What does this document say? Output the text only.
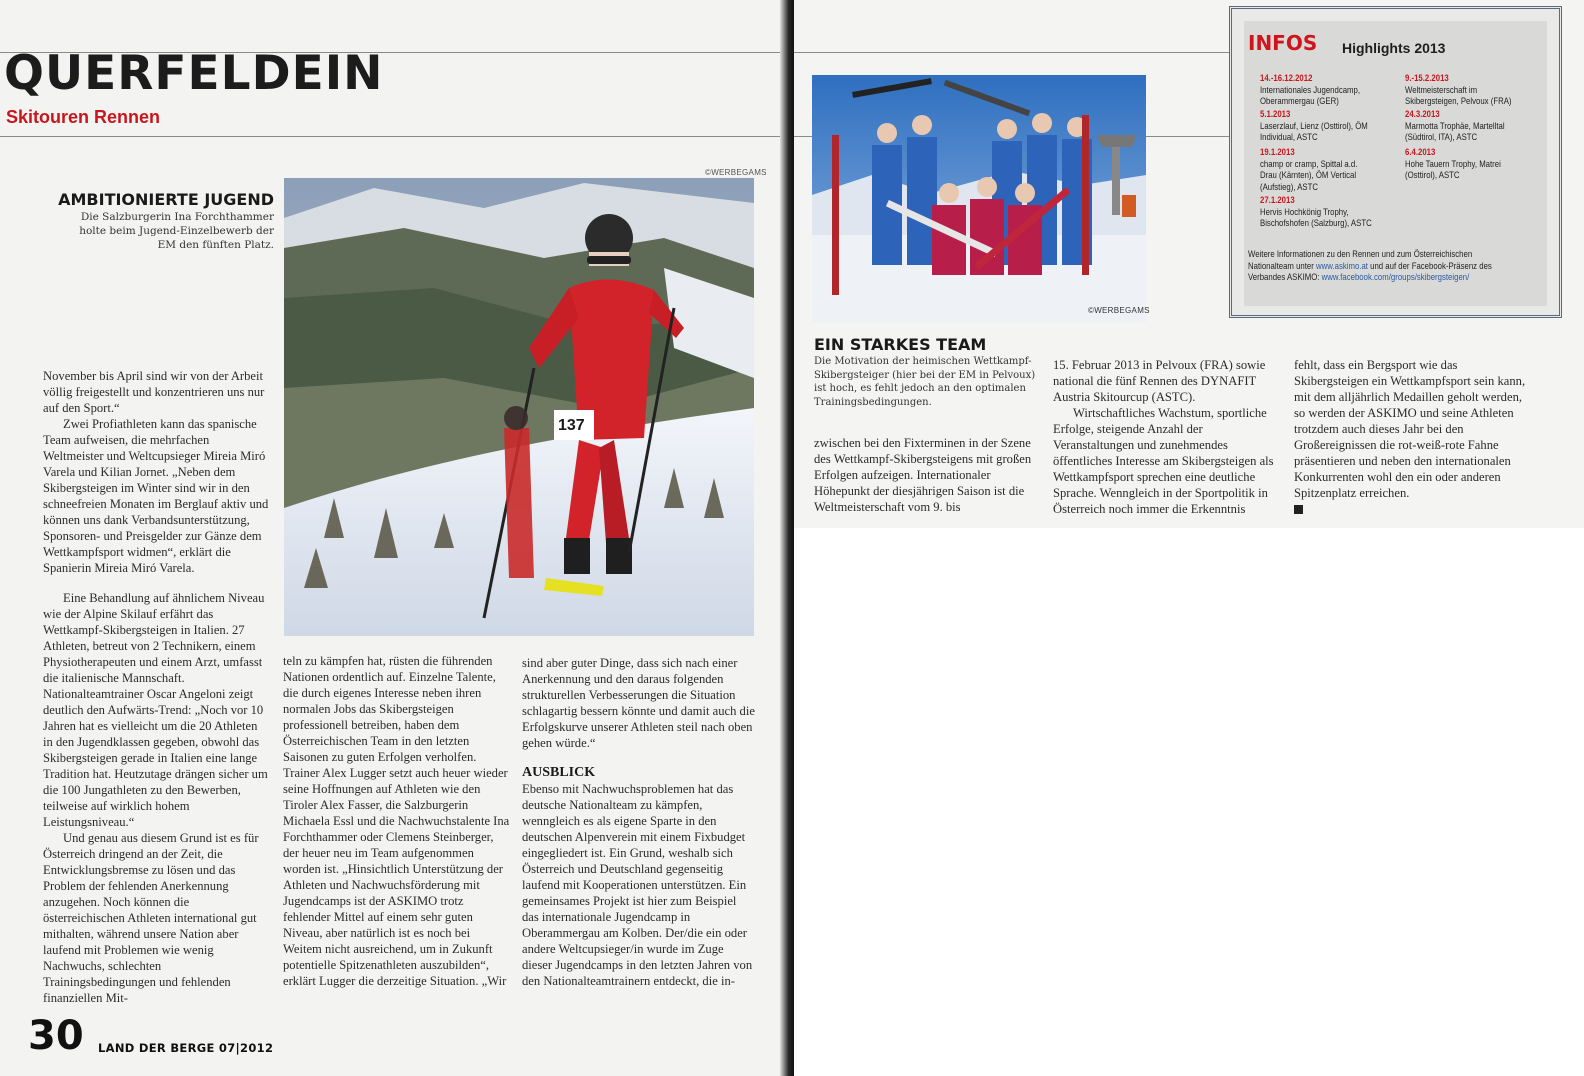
QUERFELDEIN
Skitouren Rennen
©WERBEGAMS
AMBITIONIERTE JUGEND
Die Salzburgerin Ina Forchthammer holte beim Jugend-Einzelbewerb der EM den fünften Platz.
137

November bis April sind wir von der Arbeit völlig freigestellt und konzentrieren uns nur auf den Sport.“

Zwei Profiathleten kann das spanische Team aufweisen, die mehrfachen Weltmeister und Weltcupsieger Mireia Miró Varela und Kilian Jornet. „Neben dem Skibergsteigen im Winter sind wir in den schneefreien Monaten im Berglauf aktiv und können uns dank Verbandsunterstützung, Sponsoren- und Preisgelder zur Gänze dem Wettkampfsport widmen“, erklärt die Spanierin Mireia Miró Varela.

Eine Behandlung auf ähnlichem Niveau wie der Alpine Skilauf erfährt das Wettkampf-Skibergsteigen in Italien. 27 Athleten, betreut von 2 Technikern, einem Physiotherapeuten und einem Arzt, umfasst die italienische Mannschaft. Nationalteamtrainer Oscar Angeloni zeigt deutlich den Aufwärts-Trend: „Noch vor 10 Jahren hat es vielleicht um die 20 Athleten in den Jugendklassen gegeben, obwohl das Skibergsteigen gerade in Italien eine lange Tradition hat. Heutzutage drängen sicher um die 100 Jungathleten zu den Bewerben, teilweise auf wirklich hohem Leistungsniveau.“

Und genau aus diesem Grund ist es für Österreich dringend an der Zeit, die Entwicklungsbremse zu lösen und das Problem der fehlenden Anerkennung anzugehen. Noch können die österreichischen Athleten international gut mithalten, während unsere Nation aber laufend mit Problemen wie wenig Nachwuchs, schlechten Trainingsbedingungen und fehlenden finanziellen Mit-

teln zu kämpfen hat, rüsten die führenden Nationen ordentlich auf. Einzelne Talente, die durch eigenes Interesse neben ihren normalen Jobs das Skibergsteigen professionell betreiben, haben dem Österreichischen Team in den letzten Saisonen zu guten Erfolgen verholfen. Trainer Alex Lugger setzt auch heuer wieder seine Hoffnungen auf Athleten wie den Tiroler Alex Fasser, die Salzburgerin Michaela Essl und die Nachwuchstalente Ina Forchthammer oder Clemens Steinberger, der heuer neu im Team aufgenommen worden ist. „Hinsichtlich Unterstützung der Athleten und Nachwuchsförderung mit Jugendcamps ist der ASKIMO trotz fehlender Mittel auf einem sehr guten Niveau, aber natürlich ist es noch bei Weitem nicht ausreichend, um in Zukunft potentielle Spitzenathleten auszubilden“, erklärt Lugger die derzeitige Situation. „Wir

sind aber guter Dinge, dass sich nach einer Anerkennung und den daraus folgenden strukturellen Verbesserungen die Situation schlagartig bessern könnte und damit auch die Erfolgskurve unserer Athleten steil nach oben gehen würde.“

AUSBLICK

Ebenso mit Nachwuchsproblemen hat das deutsche Nationalteam zu kämpfen, wenngleich es als eigene Sparte in den deutschen Alpenverein mit einem Fixbudget eingegliedert ist. Ein Grund, weshalb sich Österreich und Deutschland gegenseitig laufend mit Kooperationen unterstützen. Ein gemeinsames Projekt ist hier zum Beispiel das internationale Jugendcamp in Oberammergau am Kolben. Der/die ein oder andere Weltcupsieger/in wurde im Zuge dieser Jugendcamps in den letzten Jahren von den Nationalteamtrainern entdeckt, die in-

30 LAND DER BERGE 07|2012
©WERBEGAMS
EIN STARKES TEAM
Die Motivation der heimischen Wettkampf-Skibergsteiger (hier bei der EM in Pelvoux) ist hoch, es fehlt jedoch an den optimalen Trainingsbedingungen.

zwischen bei den Fixterminen in der Szene des Wettkampf-Skibergsteigens mit großen Erfolgen aufzeigen. Internationaler Höhepunkt der diesjährigen Saison ist die Weltmeisterschaft vom 9. bis

15. Februar 2013 in Pelvoux (FRA) sowie national die fünf Rennen des DYNAFIT Austria Skitourcup (ASTC).

Wirtschaftliches Wachstum, sportliche Erfolge, steigende Anzahl der Veranstaltungen und zunehmendes öffentliches Interesse am Skibergsteigen als Wettkampfsport sprechen eine deutliche Sprache. Wenngleich in der Sportpolitik in Österreich noch immer die Erkenntnis

fehlt, dass ein Bergsport wie das Skibergsteigen ein Wettkampfsport sein kann, mit dem alljährlich Medaillen geholt werden, so werden der ASKIMO und seine Athleten trotzdem auch dieses Jahr bei den Großereignissen die rot-weiß-rote Fahne präsentieren und neben den internationalen Konkurrenten wohl den ein oder anderen Spitzenplatz erreichen.

INFOS Highlights 2013
14.-16.12.2012
Internationales Jugendcamp, Oberammergau (GER)
5.1.2013
Laserzlauf, Lienz (Osttirol), ÖM Individual, ASTC
19.1.2013
champ or cramp, Spittal a.d. Drau (Kärnten), ÖM Vertical (Aufstieg), ASTC
27.1.2013
Hervis Hochkönig Trophy, Bischofshofen (Salzburg), ASTC
9.-15.2.2013
Weltmeisterschaft im Skibergsteigen, Pelvoux (FRA)
24.3.2013
Marmotta Trophäe, Martelltal (Südtirol, ITA), ASTC
6.4.2013
Hohe Tauern Trophy, Matrei (Osttirol), ASTC
Weitere Informationen zu den Rennen und zum Österreichischen Nationalteam unter www.askimo.at und auf der Facebook-Präsenz des Verbandes ASKIMO: www.facebook.com/groups/skibergsteigen/
